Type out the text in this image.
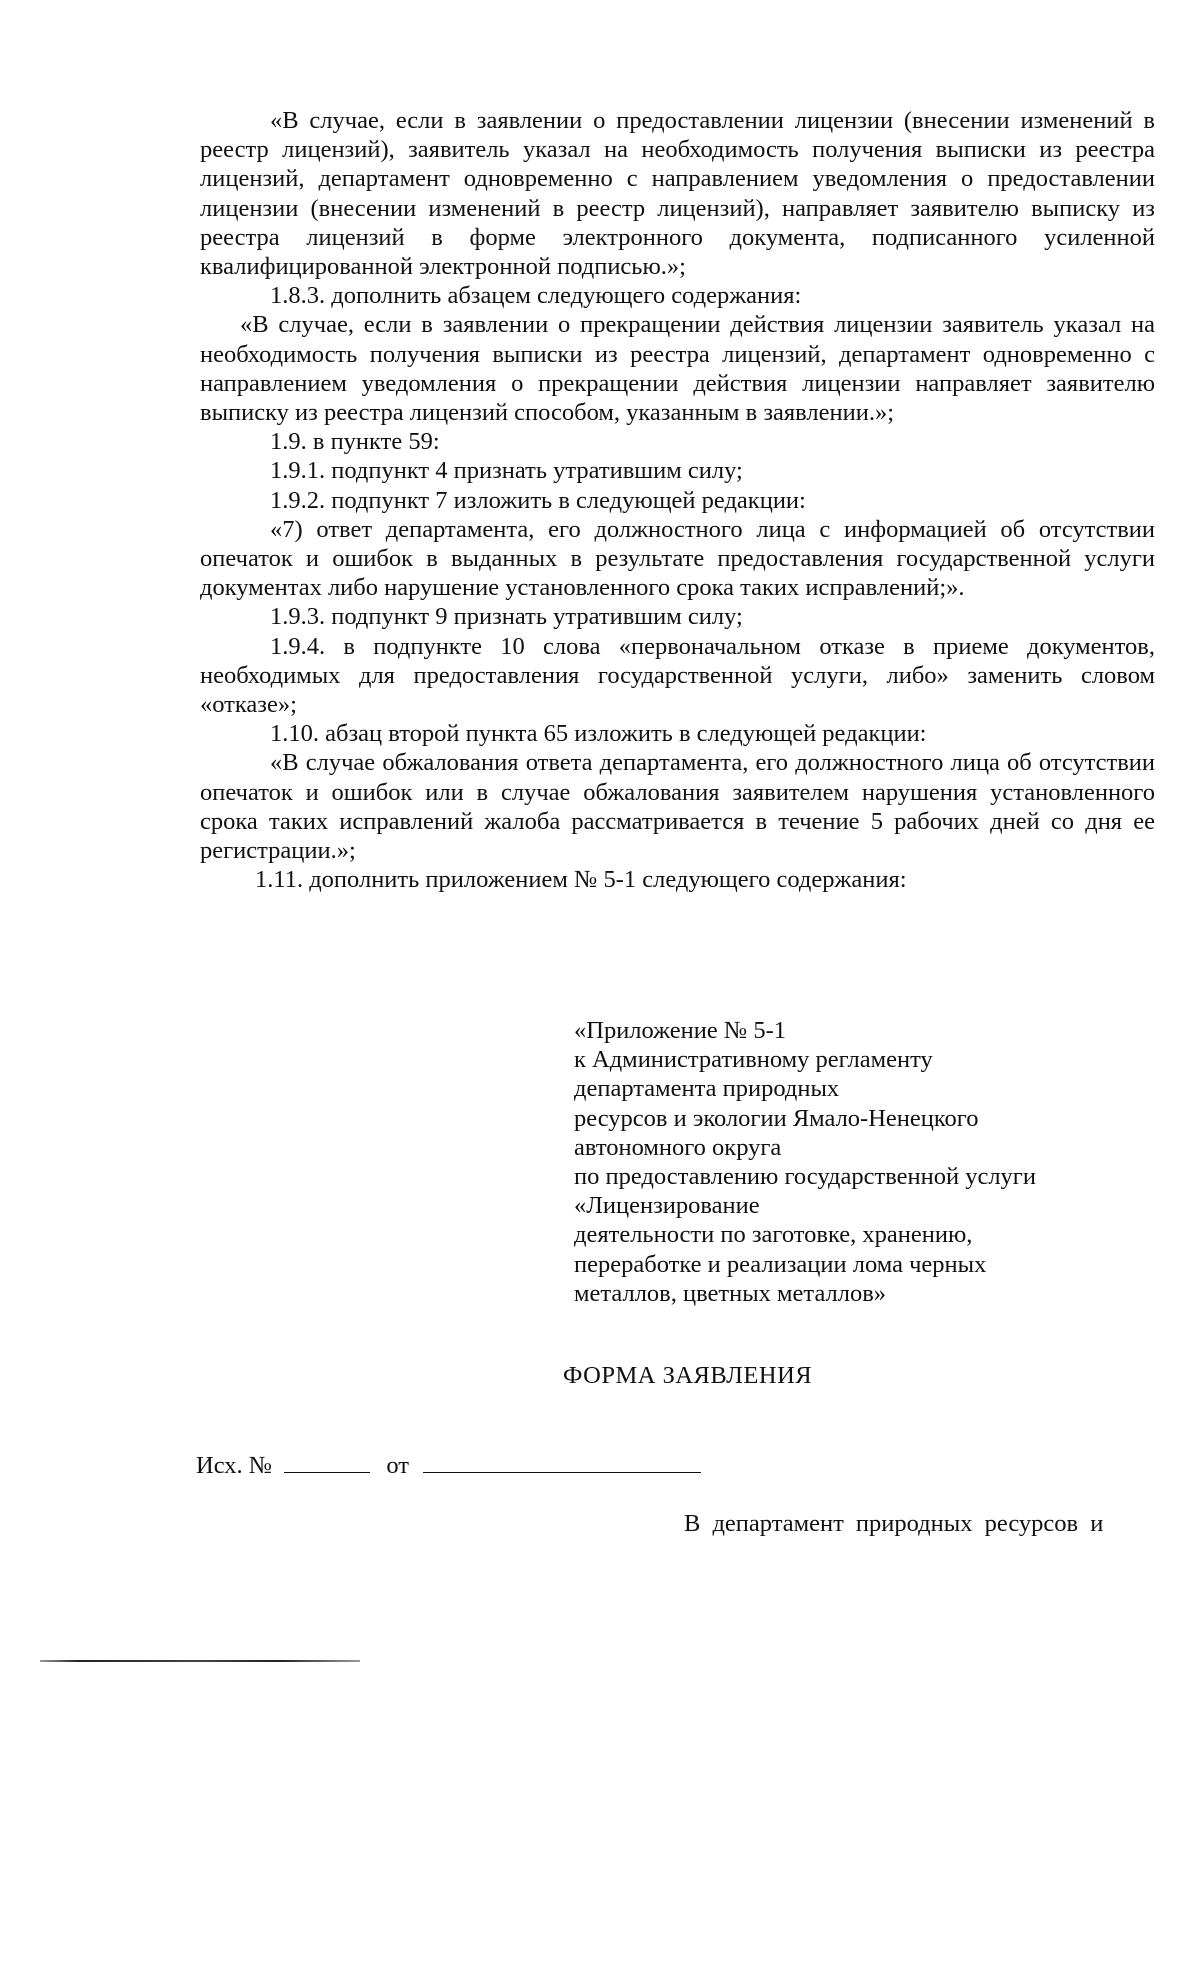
«В случае, если в заявлении о предоставлении лицензии (внесении изменений в реестр лицензий), заявитель указал на необходимость получения выписки из реестра лицензий, департамент одновременно с направлением уведомления о предоставлении лицензии (внесении изменений в реестр лицензий), направляет заявителю выписку из реестра лицензий в форме электронного документа, подписанного усиленной квалифицированной электронной подписью.»;

1.8.3. дополнить абзацем следующего содержания:

«В случае, если в заявлении о прекращении действия лицензии заявитель указал на необходимость получения выписки из реестра лицензий, департамент одновременно с направлением уведомления о прекращении действия лицензии направляет заявителю выписку из реестра лицензий способом, указанным в заявлении.»;

1.9. в пункте 59:

1.9.1. подпункт 4 признать утратившим силу;

1.9.2. подпункт 7 изложить в следующей редакции:

«7) ответ департамента, его должностного лица с информацией об отсутствии опечаток и ошибок в выданных в результате предоставления государственной услуги документах либо нарушение установленного срока таких исправлений;».

1.9.3. подпункт 9 признать утратившим силу;

1.9.4. в подпункте 10 слова «первоначальном отказе в приеме документов, необходимых для предоставления государственной услуги, либо» заменить словом «отказе»;

1.10. абзац второй пункта 65 изложить в следующей редакции:

«В случае обжалования ответа департамента, его должностного лица об отсутствии опечаток и ошибок или в случае обжалования заявителем нарушения установленного срока таких исправлений жалоба рассматривается в течение 5 рабочих дней со дня ее регистрации.»;

1.11. дополнить приложением № 5-1 следующего содержания:

«Приложение № 5-1
к Административному регламенту
департамента природных
ресурсов и экологии Ямало-Ненецкого
автономного округа
по предоставлению государственной услуги
«Лицензирование
деятельности по заготовке, хранению,
переработке и реализации лома черных
металлов, цветных металлов»
ФОРМА ЗАЯВЛЕНИЯ
Исх. №	от
В департамент природных ресурсов и
